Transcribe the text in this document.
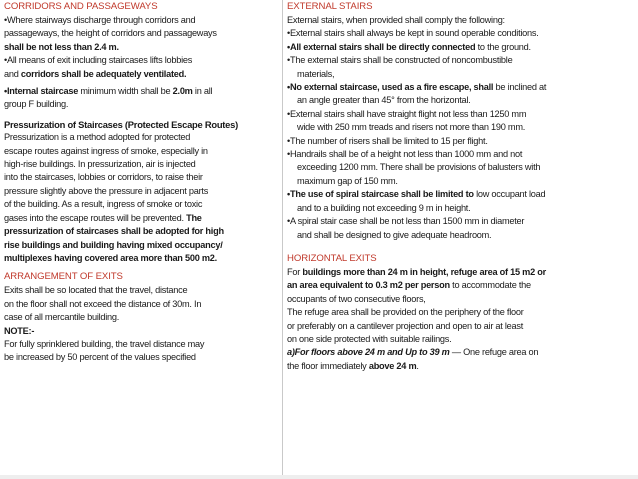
CORRIDORS AND PASSAGEWAYS
•Where stairways discharge through corridors and
passageways, the height of corridors and passageways
shall be not less than 2.4 m.
•All means of exit including staircases lifts lobbies
and corridors shall be adequately ventilated.
•Internal staircase minimum width shall be 2.0m in all
group F building.
Pressurization of Staircases (Protected Escape Routes)
Pressurization is a method adopted for protected
escape routes against ingress of smoke, especially in
high-rise buildings. In pressurization, air is injected
into the staircases, lobbies or corridors, to raise their
pressure slightly above the pressure in adjacent parts
of the building. As a result, ingress of smoke or toxic
gases into the escape routes will be prevented. The
pressurization of staircases shall be adopted for high
rise buildings and building having mixed occupancy/
multiplexes having covered area more than 500 m2.
ARRANGEMENT OF EXITS
Exits shall be so located that the travel, distance
on the floor shall not exceed the distance of 30m. In
case of all mercantile building.
NOTE:-
For fully sprinklered building, the travel distance may
be increased by 50 percent of the values specified
EXTERNAL STAIRS
External stairs, when provided shall comply the following:
•External stairs shall always be kept in sound operable conditions.
•All external stairs shall be directly connected to the ground.
•The external stairs shall be constructed of noncombustible
materials,
•No external staircase, used as a fire escape, shall be inclined at
an angle greater than 45° from the horizontal.
•External stairs shall have straight flight not less than 1250 mm
wide with 250 mm treads and risers not more than 190 mm.
•The number of risers shall be limited to 15 per flight.
•Handrails shall be of a height not less than 1000 mm and not
exceeding 1200 mm. There shall be provisions of balusters with
maximum gap of 150 mm.
•The use of spiral staircase shall be limited to low occupant load
and to a building not exceeding 9 m in height.
•A spiral stair case shall be not less than 1500 mm in diameter
and shall be designed to give adequate headroom.
HORIZONTAL EXITS
For buildings more than 24 m in height, refuge area of 15 m2 or
an area equivalent to 0.3 m2 per person to accommodate the
occupants of two consecutive floors,
The refuge area shall be provided on the periphery of the floor
or preferably on a cantilever projection and open to air at least
on one side protected with suitable railings.
a)For floors above 24 m and Up to 39 m — One refuge area on
the floor immediately above 24 m.
